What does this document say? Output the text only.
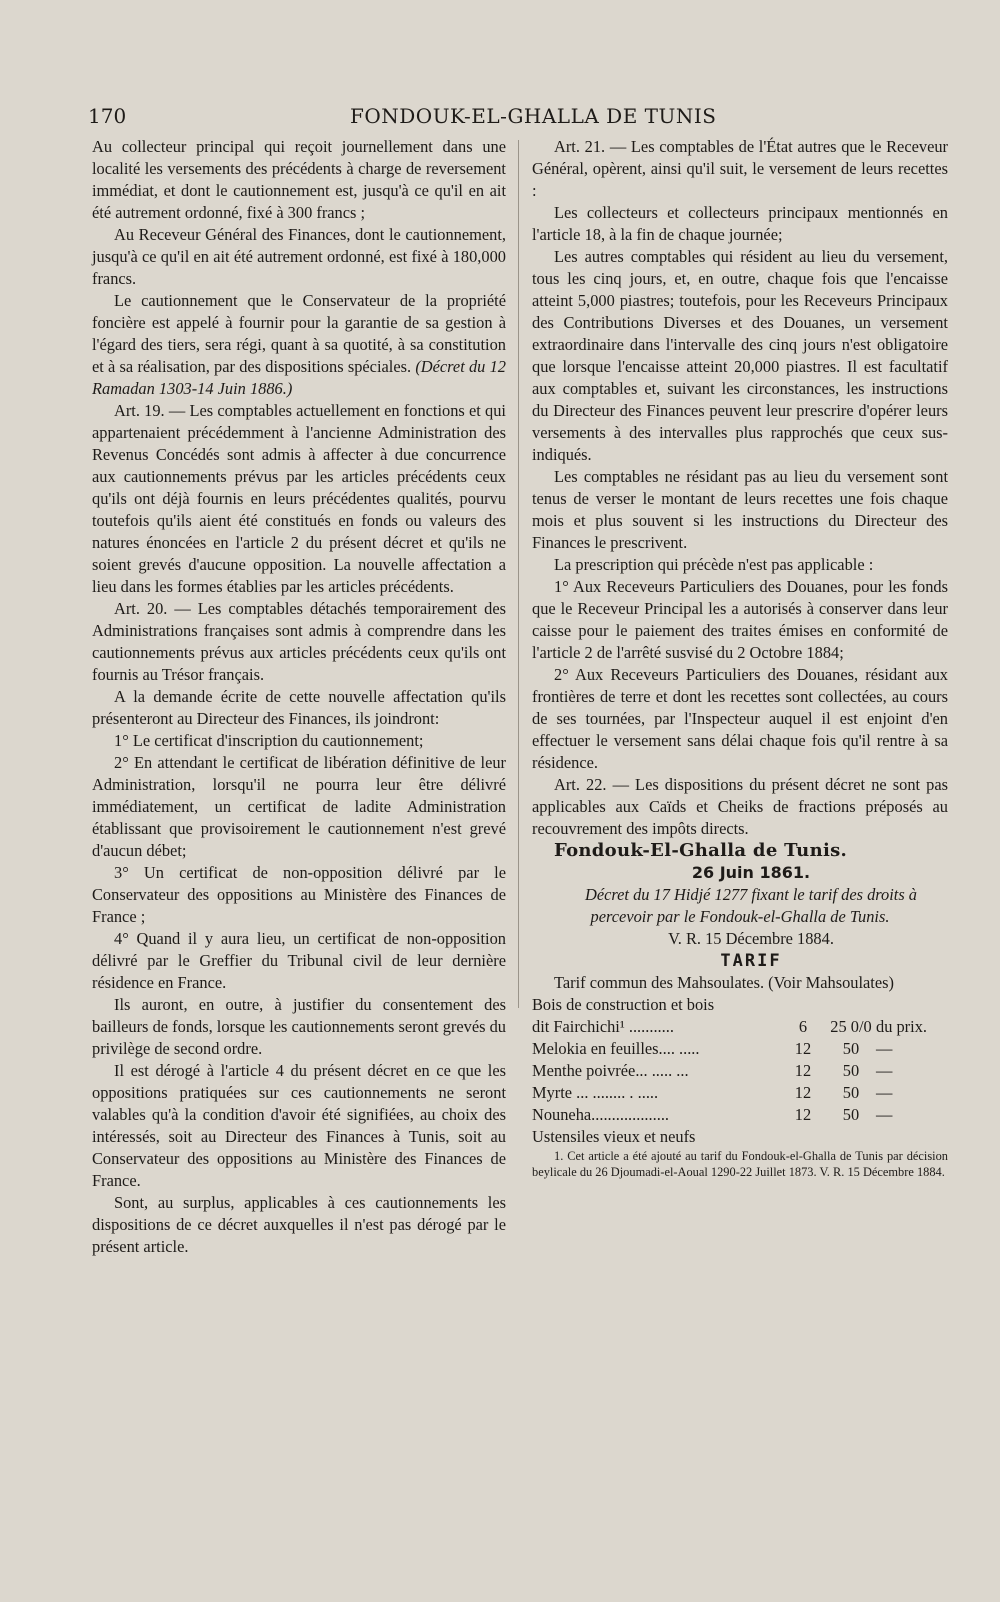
170	FONDOUK-EL-GHALLA DE TUNIS

Au collecteur principal qui reçoit journellement dans une localité les versements des précédents à charge de reversement immédiat, et dont le cautionnement est, jusqu'à ce qu'il en ait été autrement ordonné, fixé à 300 francs ;

Au Receveur Général des Finances, dont le cautionnement, jusqu'à ce qu'il en ait été autrement ordonné, est fixé à 180,000 francs.

Le cautionnement que le Conservateur de la propriété foncière est appelé à fournir pour la garantie de sa gestion à l'égard des tiers, sera régi, quant à sa quotité, à sa constitution et à sa réalisation, par des dispositions spéciales. (Décret du 12 Ramadan 1303-14 Juin 1886.)

Art. 19. — Les comptables actuellement en fonctions et qui appartenaient précédemment à l'ancienne Administration des Revenus Concédés sont admis à affecter à due concurrence aux cautionnements prévus par les articles précédents ceux qu'ils ont déjà fournis en leurs précédentes qualités, pourvu toutefois qu'ils aient été constitués en fonds ou valeurs des natures énoncées en l'article 2 du présent décret et qu'ils ne soient grevés d'aucune opposition. La nouvelle affectation a lieu dans les formes établies par les articles précédents.

Art. 20. — Les comptables détachés temporairement des Administrations françaises sont admis à comprendre dans les cautionnements prévus aux articles précédents ceux qu'ils ont fournis au Trésor français.

A la demande écrite de cette nouvelle affectation qu'ils présenteront au Directeur des Finances, ils joindront:

1° Le certificat d'inscription du cautionnement;

2° En attendant le certificat de libération définitive de leur Administration, lorsqu'il ne pourra leur être délivré immédiatement, un certificat de ladite Administration établissant que provisoirement le cautionnement n'est grevé d'aucun débet;

3° Un certificat de non-opposition délivré par le Conservateur des oppositions au Ministère des Finances de France ;

4° Quand il y aura lieu, un certificat de non-opposition délivré par le Greffier du Tribunal civil de leur dernière résidence en France.

Ils auront, en outre, à justifier du consentement des bailleurs de fonds, lorsque les cautionnements seront grevés du privilège de second ordre.

Il est dérogé à l'article 4 du présent décret en ce que les oppositions pratiquées sur ces cautionnements ne seront valables qu'à la condition d'avoir été signifiées, au choix des intéressés, soit au Directeur des Finances à Tunis, soit au Conservateur des oppositions au Ministère des Finances de France.

Sont, au surplus, applicables à ces cautionnements les dispositions de ce décret auxquelles il n'est pas dérogé par le présent article.

Art. 21. — Les comptables de l'État autres que le Receveur Général, opèrent, ainsi qu'il suit, le versement de leurs recettes :

Les collecteurs et collecteurs principaux mentionnés en l'article 18, à la fin de chaque journée;

Les autres comptables qui résident au lieu du versement, tous les cinq jours, et, en outre, chaque fois que l'encaisse atteint 5,000 piastres; toutefois, pour les Receveurs Principaux des Contributions Diverses et des Douanes, un versement extraordinaire dans l'intervalle des cinq jours n'est obligatoire que lorsque l'encaisse atteint 20,000 piastres. Il est facultatif aux comptables et, suivant les circonstances, les instructions du Directeur des Finances peuvent leur prescrire d'opérer leurs versements à des intervalles plus rapprochés que ceux sus-indiqués.

Les comptables ne résidant pas au lieu du versement sont tenus de verser le montant de leurs recettes une fois chaque mois et plus souvent si les instructions du Directeur des Finances le prescrivent.

La prescription qui précède n'est pas applicable :

1° Aux Receveurs Particuliers des Douanes, pour les fonds que le Receveur Principal les a autorisés à conserver dans leur caisse pour le paiement des traites émises en conformité de l'article 2 de l'arrêté susvisé du 2 Octobre 1884;

2° Aux Receveurs Particuliers des Douanes, résidant aux frontières de terre et dont les recettes sont collectées, au cours de ses tournées, par l'Inspecteur auquel il est enjoint d'en effectuer le versement sans délai chaque fois qu'il rentre à sa résidence.

Art. 22. — Les dispositions du présent décret ne sont pas applicables aux Caïds et Cheiks de fractions préposés au recouvrement des impôts directs.

Fondouk-El-Ghalla de Tunis.

26 Juin 1861.

Décret du 17 Hidjé 1277 fixant le tarif des droits à percevoir par le Fondouk-el-Ghalla de Tunis.

V. R. 15 Décembre 1884.

TARIF

Tarif commun des Mahsoulates. (Voir Mahsoulates)

Bois de construction et bois			
dit Fairchichi¹ ...........	6	25 0/0	du prix.
Melokia en feuilles.... .....	12	50	—
Menthe poivrée... ..... ...	12	50	—
Myrte ... ........ . .....	12	50	—
Nouneha...................	12	50	—
Ustensiles vieux et neufs			

1. Cet article a été ajouté au tarif du Fondouk-el-Ghalla de Tunis par décision beylicale du 26 Djoumadi-el-Aoual 1290-22 Juillet 1873. V. R. 15 Décembre 1884.
